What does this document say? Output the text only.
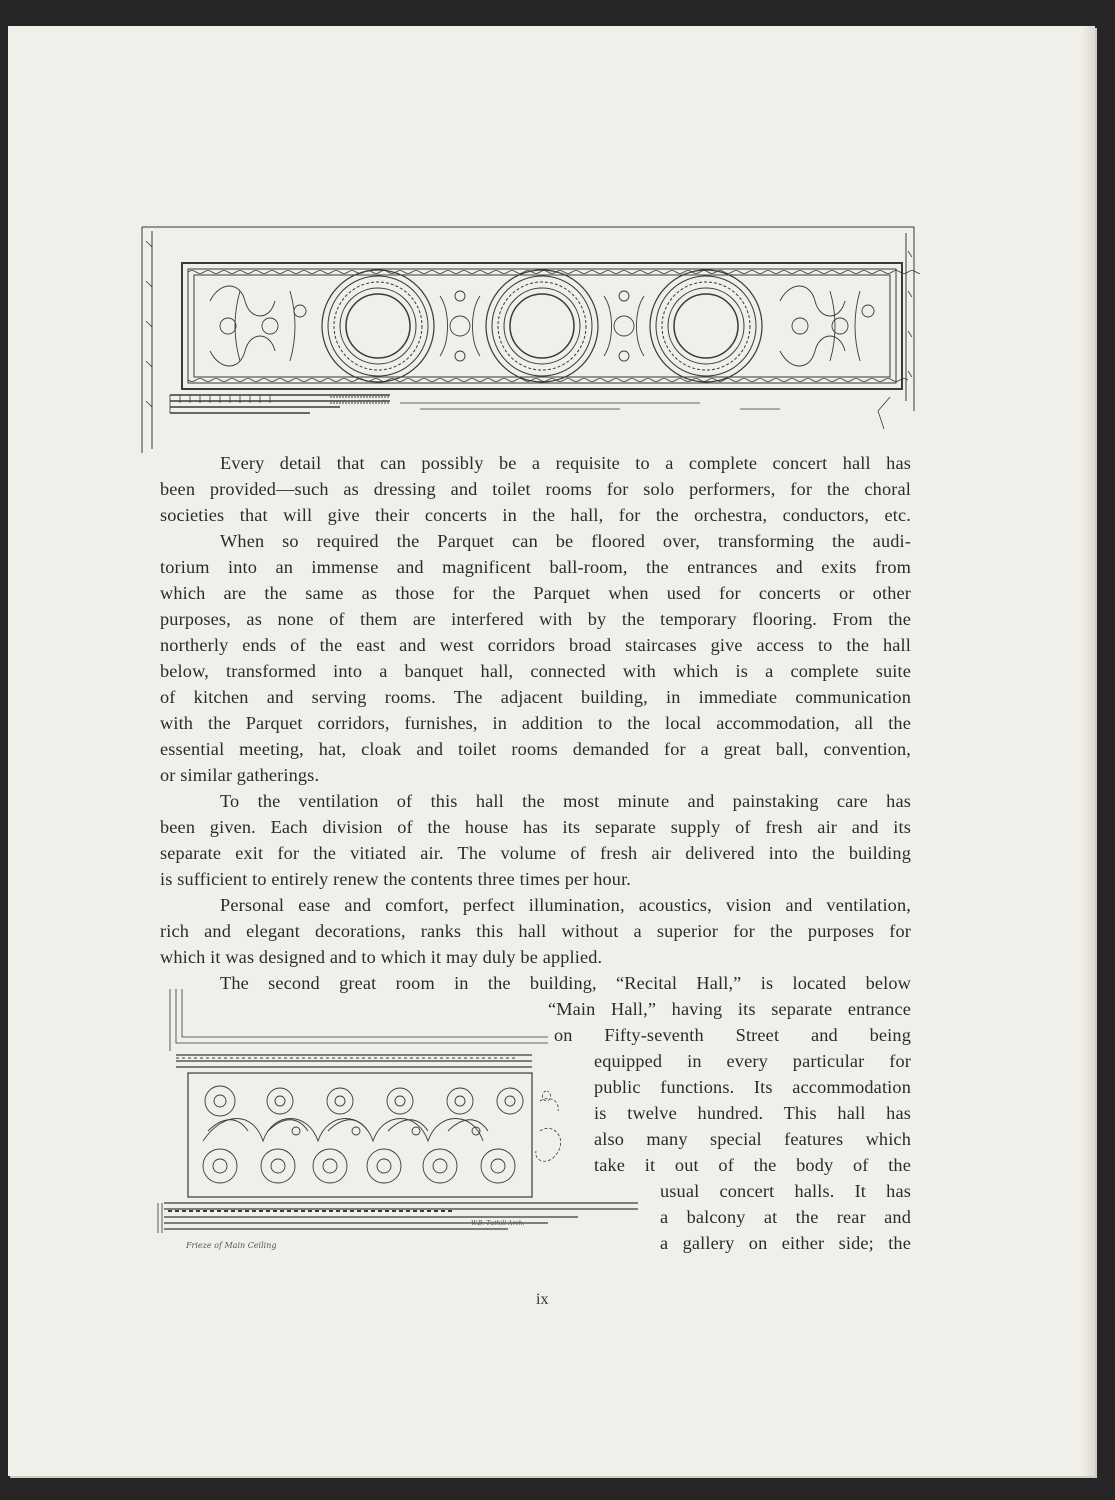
Every detail that can possibly be a requisite to a complete concert hall has
been provided—such as dressing and toilet rooms for solo performers, for the choral
societies that will give their concerts in the hall, for the orchestra, conductors, etc.
When so required the Parquet can be floored over, transforming the audi-
torium into an immense and magnificent ball-room, the entrances and exits from
which are the same as those for the Parquet when used for concerts or other
purposes, as none of them are interfered with by the temporary flooring. From the
northerly ends of the east and west corridors broad staircases give access to the hall
below, transformed into a banquet hall, connected with which is a complete suite
of kitchen and serving rooms. The adjacent building, in immediate communication
with the Parquet corridors, furnishes, in addition to the local accommodation, all the
essential meeting, hat, cloak and toilet rooms demanded for a great ball, convention,
or similar gatherings.
To the ventilation of this hall the most minute and painstaking care has
been given. Each division of the house has its separate supply of fresh air and its
separate exit for the vitiated air. The volume of fresh air delivered into the building
is sufficient to entirely renew the contents three times per hour.
Personal ease and comfort, perfect illumination, acoustics, vision and ventilation,
rich and elegant decorations, ranks this hall without a superior for the purposes for
which it was designed and to which it may duly be applied.
The second great room in the building, “Recital Hall,” is located below
“Main Hall,” having its separate entrance
on Fifty-seventh Street and being
equipped in every particular for
public functions. Its accommodation
is twelve hundred. This hall has
also many special features which
take it out of the body of the
usual concert halls. It has
a balcony at the rear and
a gallery on either side; the
Frieze of Main Ceiling
W.B. Tuthill Arch.
ix
